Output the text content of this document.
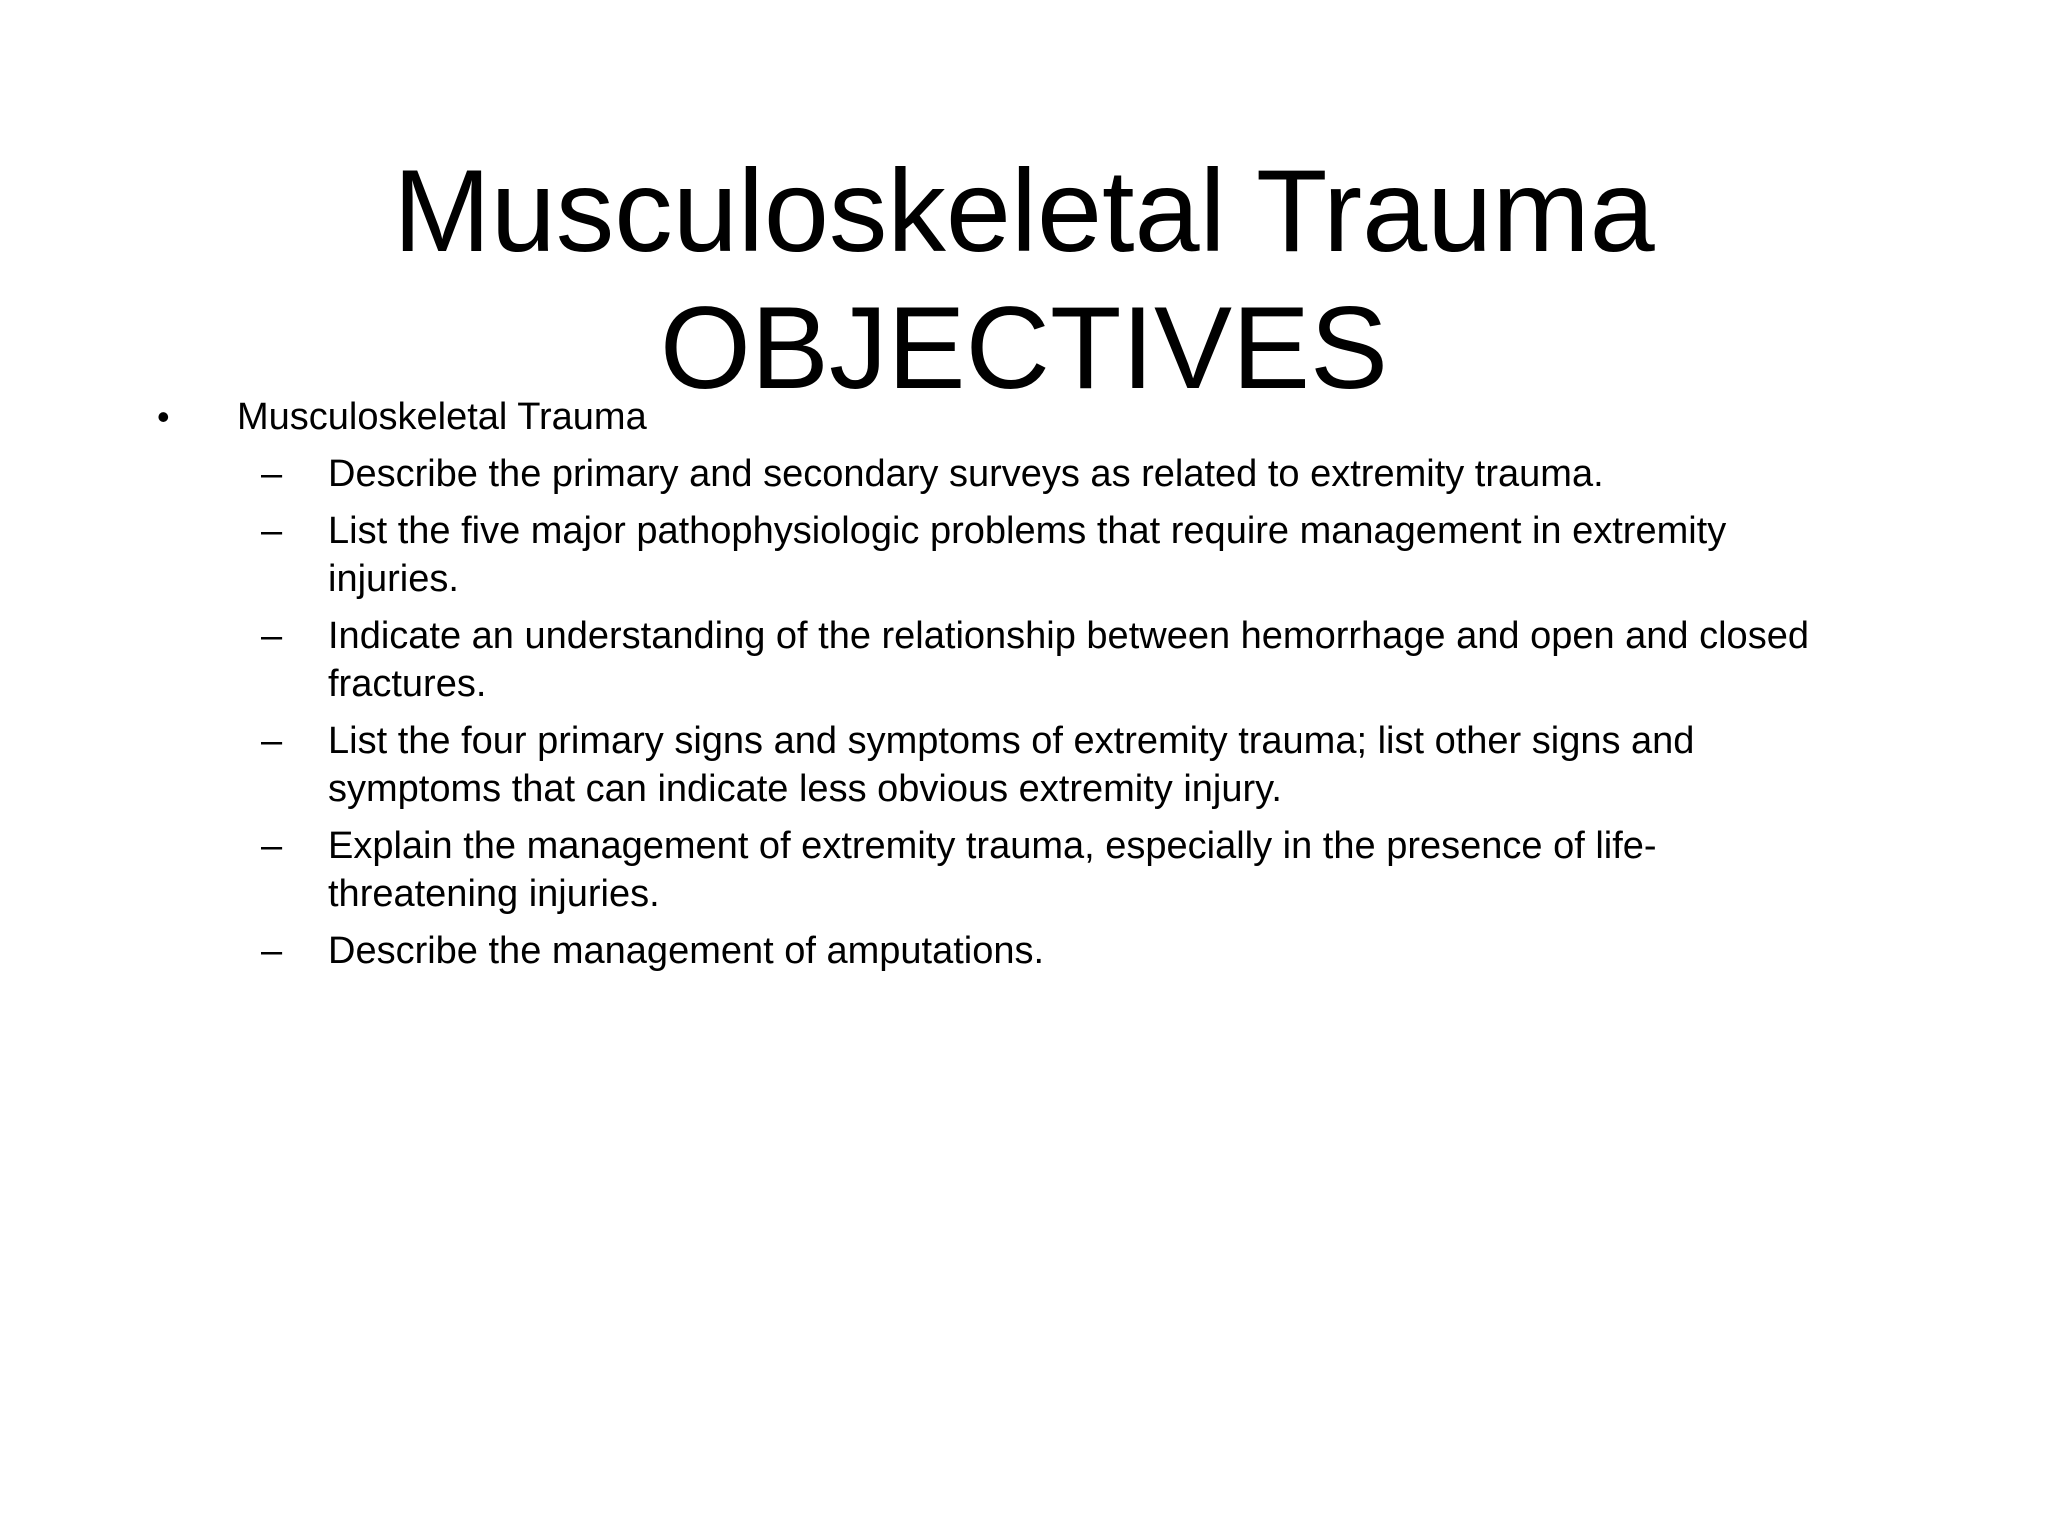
Musculoskeletal Trauma
OBJECTIVES
• Musculoskeletal Trauma
– Describe the primary and secondary surveys as related to extremity trauma.
– List the five major pathophysiologic problems that require management in extremity injuries.
– Indicate an understanding of the relationship between hemorrhage and open and closed fractures.
– List the four primary signs and symptoms of extremity trauma; list other signs and symptoms that can indicate less obvious extremity injury.
– Explain the management of extremity trauma, especially in the presence of life-threatening injuries.
– Describe the management of amputations.
